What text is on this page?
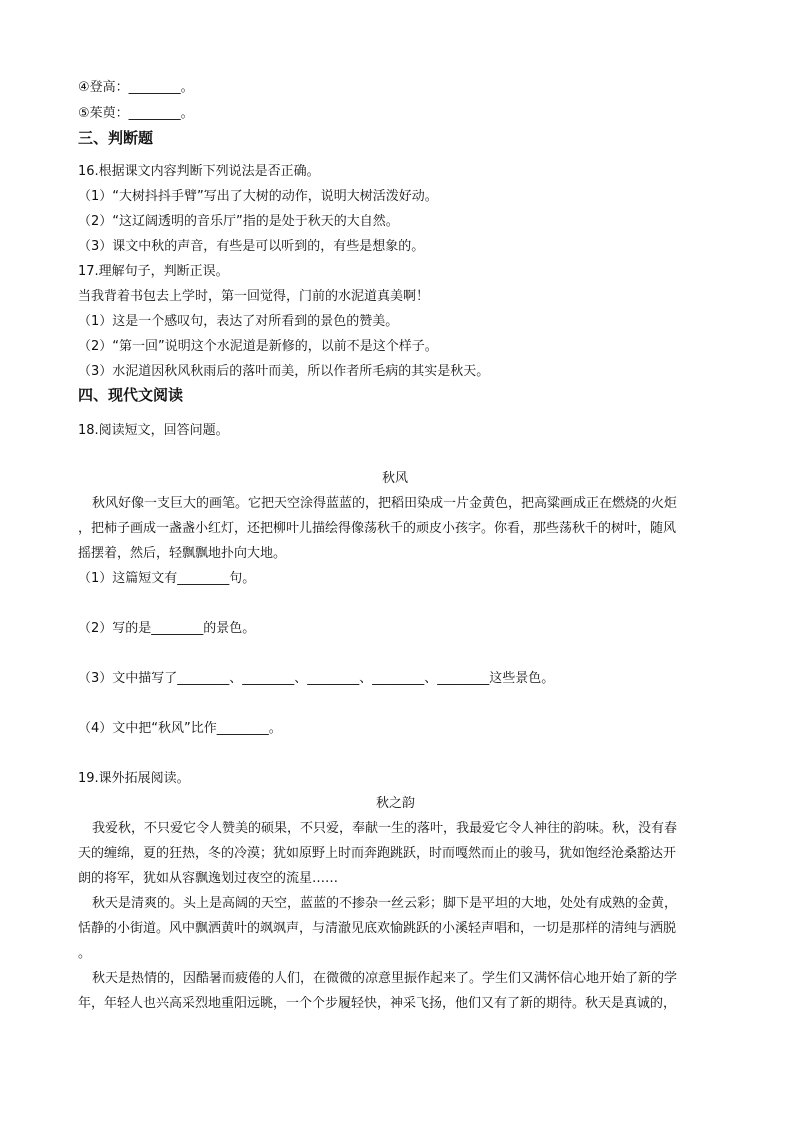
④登高：________。
⑤茱萸：________。
三、判断题
16.根据课文内容判断下列说法是否正确。
（1）“大树抖抖手臂”写出了大树的动作，说明大树活泼好动。
（2）“这辽阔透明的音乐厅”指的是处于秋天的大自然。
（3）课文中秋的声音，有些是可以听到的，有些是想象的。
17.理解句子，判断正误。
当我背着书包去上学时，第一回觉得，门前的水泥道真美啊！
（1）这是一个感叹句，表达了对所看到的景色的赞美。
（2）“第一回”说明这个水泥道是新修的，以前不是这个样子。
（3）水泥道因秋风秋雨后的落叶而美，所以作者所毛病的其实是秋天。
四、现代文阅读
18.阅读短文，回答问题。
秋风
秋风好像一支巨大的画笔。它把天空涂得蓝蓝的，把稻田染成一片金黄色，把高粱画成正在燃烧的火炬
，把柿子画成一盏盏小红灯，还把柳叶儿描绘得像荡秋千的顽皮小孩字。你看，那些荡秋千的树叶，随风
摇摆着，然后，轻飘飘地扑向大地。
（1）这篇短文有________句。
（2）写的是________的景色。
（3）文中描写了________、________、________、________、________这些景色。
（4）文中把“秋风”比作________。
19.课外拓展阅读。
秋之韵
我爱秋，不只爱它令人赞美的硕果，不只爱，奉献一生的落叶，我最爱它令人神往的韵味。秋，没有春
天的缠绵，夏的狂热，冬的冷漠；犹如原野上时而奔跑跳跃，时而嘎然而止的骏马，犹如饱经沧桑豁达开
朗的将军，犹如从容飘逸划过夜空的流星……
秋天是清爽的。头上是高阔的天空，蓝蓝的不掺杂一丝云彩；脚下是平坦的大地，处处有成熟的金黄，
恬静的小街道。风中飘洒黄叶的飒飒声，与清澈见底欢愉跳跃的小溪轻声唱和，一切是那样的清纯与洒脱
。
秋天是热情的，因酷暑而疲倦的人们，在微微的凉意里振作起来了。学生们又满怀信心地开始了新的学
年，年轻人也兴高采烈地重阳远眺，一个个步履轻快，神采飞扬，他们又有了新的期待。秋天是真诚的，
